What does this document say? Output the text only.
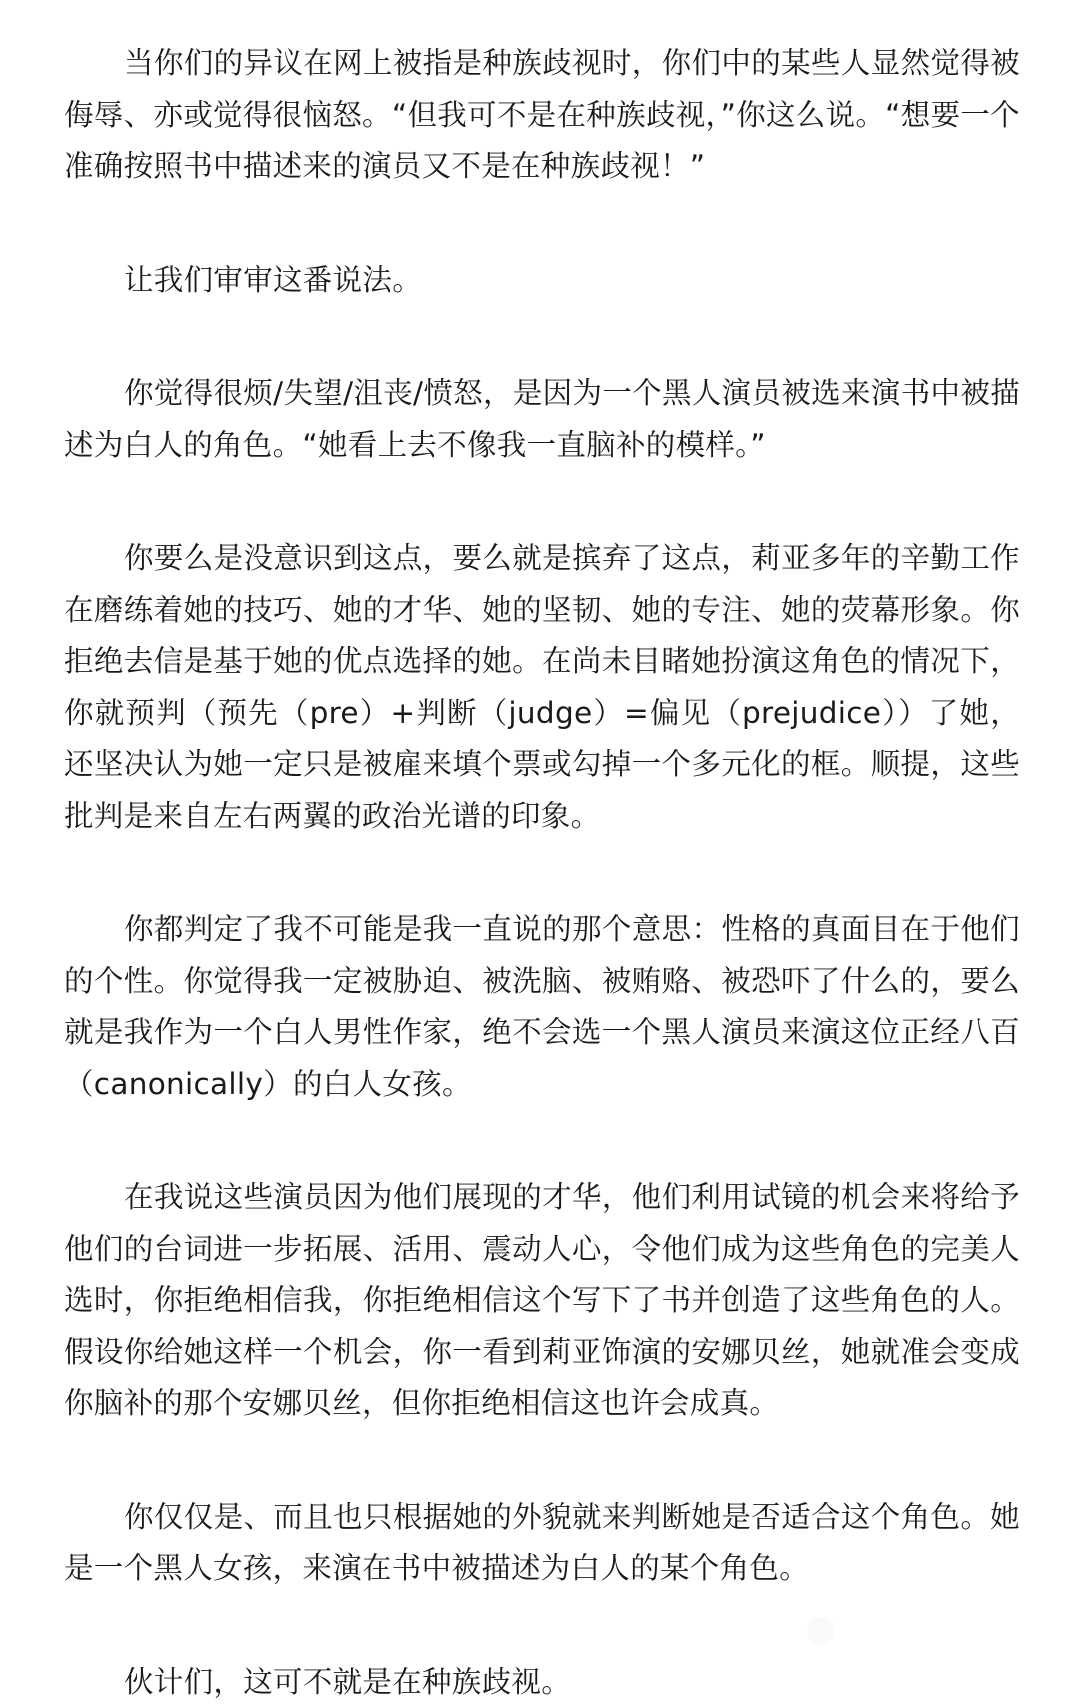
当你们的异议在网上被指是种族歧视时，你们中的某些人显然觉得被侮辱、亦或觉得很恼怒。“但我可不是在种族歧视，”你这么说。“想要一个准确按照书中描述来的演员又不是在种族歧视！”

让我们审审这番说法。

你觉得很烦/失望/沮丧/愤怒，是因为一个黑人演员被选来演书中被描述为白人的角色。“她看上去不像我一直脑补的模样。”

你要么是没意识到这点，要么就是摈弃了这点，莉亚多年的辛勤工作在磨练着她的技巧、她的才华、她的坚韧、她的专注、她的荧幕形象。你拒绝去信是基于她的优点选择的她。在尚未目睹她扮演这角色的情况下，你就预判（预先（pre）+判断（judge）=偏见（prejudice））了她，还坚决认为她一定只是被雇来填个票或勾掉一个多元化的框。顺提，这些批判是来自左右两翼的政治光谱的印象。

你都判定了我不可能是我一直说的那个意思：性格的真面目在于他们的个性。你觉得我一定被胁迫、被洗脑、被贿赂、被恐吓了什么的，要么就是我作为一个白人男性作家，绝不会选一个黑人演员来演这位正经八百（canonically）的白人女孩。

在我说这些演员因为他们展现的才华，他们利用试镜的机会来将给予他们的台词进一步拓展、活用、震动人心，令他们成为这些角色的完美人选时，你拒绝相信我，你拒绝相信这个写下了书并创造了这些角色的人。假设你给她这样一个机会，你一看到莉亚饰演的安娜贝丝，她就准会变成你脑补的那个安娜贝丝，但你拒绝相信这也许会成真。

你仅仅是、而且也只根据她的外貌就来判断她是否适合这个角色。她是一个黑人女孩，来演在书中被描述为白人的某个角色。

伙计们，这可不就是在种族歧视。
